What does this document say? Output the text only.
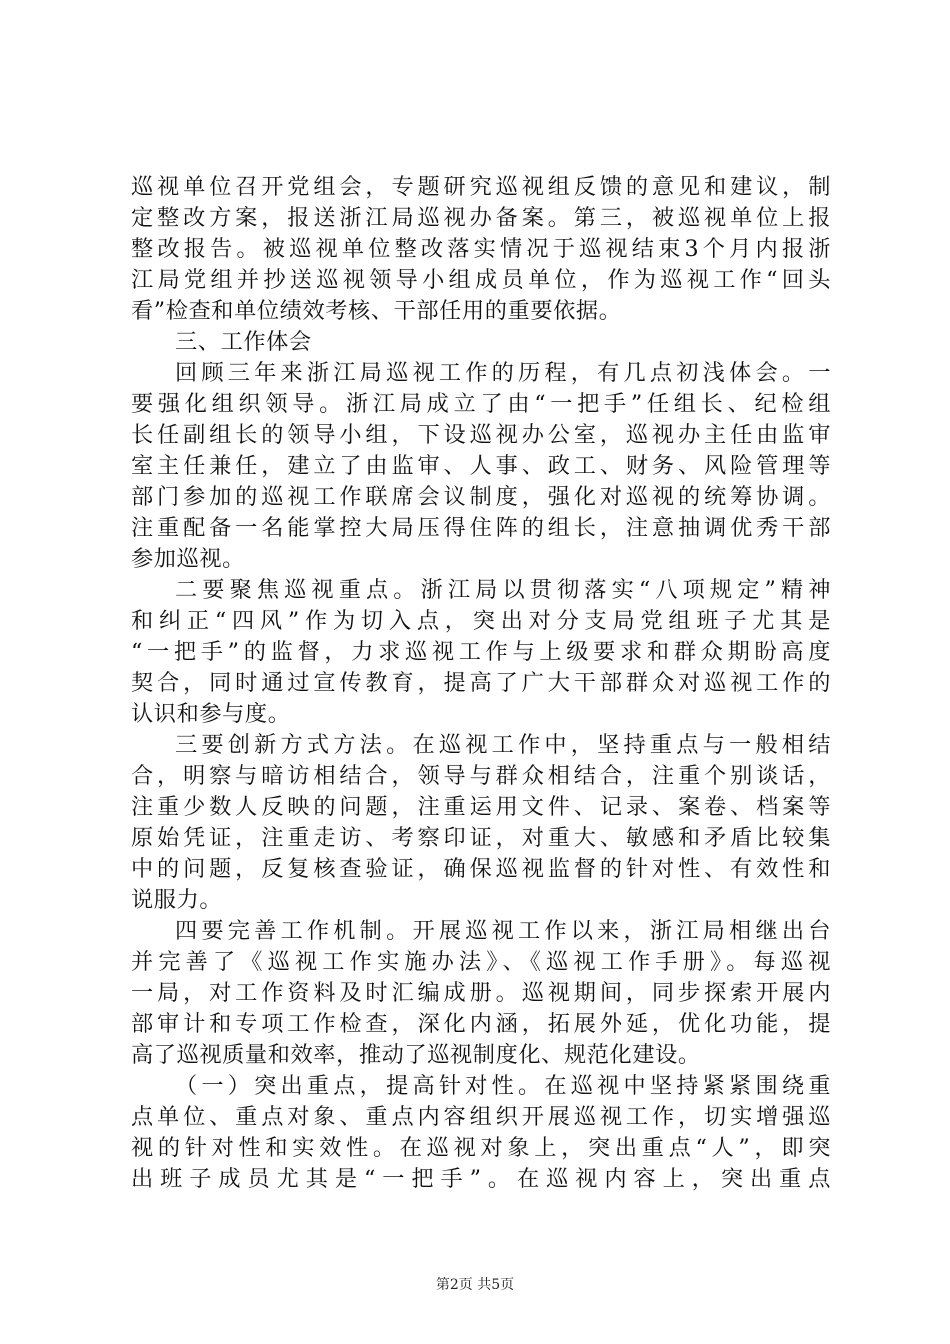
巡视单位召开党组会，专题研究巡视组反馈的意见和建议，制
定整改方案，报送浙江局巡视办备案。第三，被巡视单位上报
整改报告。被巡视单位整改落实情况于巡视结束3个月内报浙
江局党组并抄送巡视领导小组成员单位，作为巡视工作“回头
看”检查和单位绩效考核、干部任用的重要依据。
三、工作体会
回顾三年来浙江局巡视工作的历程，有几点初浅体会。一
要强化组织领导。浙江局成立了由“一把手”任组长、纪检组
长任副组长的领导小组，下设巡视办公室，巡视办主任由监审
室主任兼任，建立了由监审、人事、政工、财务、风险管理等
部门参加的巡视工作联席会议制度，强化对巡视的统筹协调。
注重配备一名能掌控大局压得住阵的组长，注意抽调优秀干部
参加巡视。
二要聚焦巡视重点。浙江局以贯彻落实“八项规定”精神
和纠正“四风”作为切入点，突出对分支局党组班子尤其是
“一把手”的监督，力求巡视工作与上级要求和群众期盼高度
契合，同时通过宣传教育，提高了广大干部群众对巡视工作的
认识和参与度。
三要创新方式方法。在巡视工作中，坚持重点与一般相结
合，明察与暗访相结合，领导与群众相结合，注重个别谈话，
注重少数人反映的问题，注重运用文件、记录、案卷、档案等
原始凭证，注重走访、考察印证，对重大、敏感和矛盾比较集
中的问题，反复核查验证，确保巡视监督的针对性、有效性和
说服力。
四要完善工作机制。开展巡视工作以来，浙江局相继出台
并完善了《巡视工作实施办法》、《巡视工作手册》。每巡视
一局，对工作资料及时汇编成册。巡视期间，同步探索开展内
部审计和专项工作检查，深化内涵，拓展外延，优化功能，提
高了巡视质量和效率，推动了巡视制度化、规范化建设。
（一）突出重点，提高针对性。在巡视中坚持紧紧围绕重
点单位、重点对象、重点内容组织开展巡视工作，切实增强巡
视的针对性和实效性。在巡视对象上，突出重点“人”，即突
出班子成员尤其是“一把手”。在巡视内容上，突出重点
第2页 共5页
